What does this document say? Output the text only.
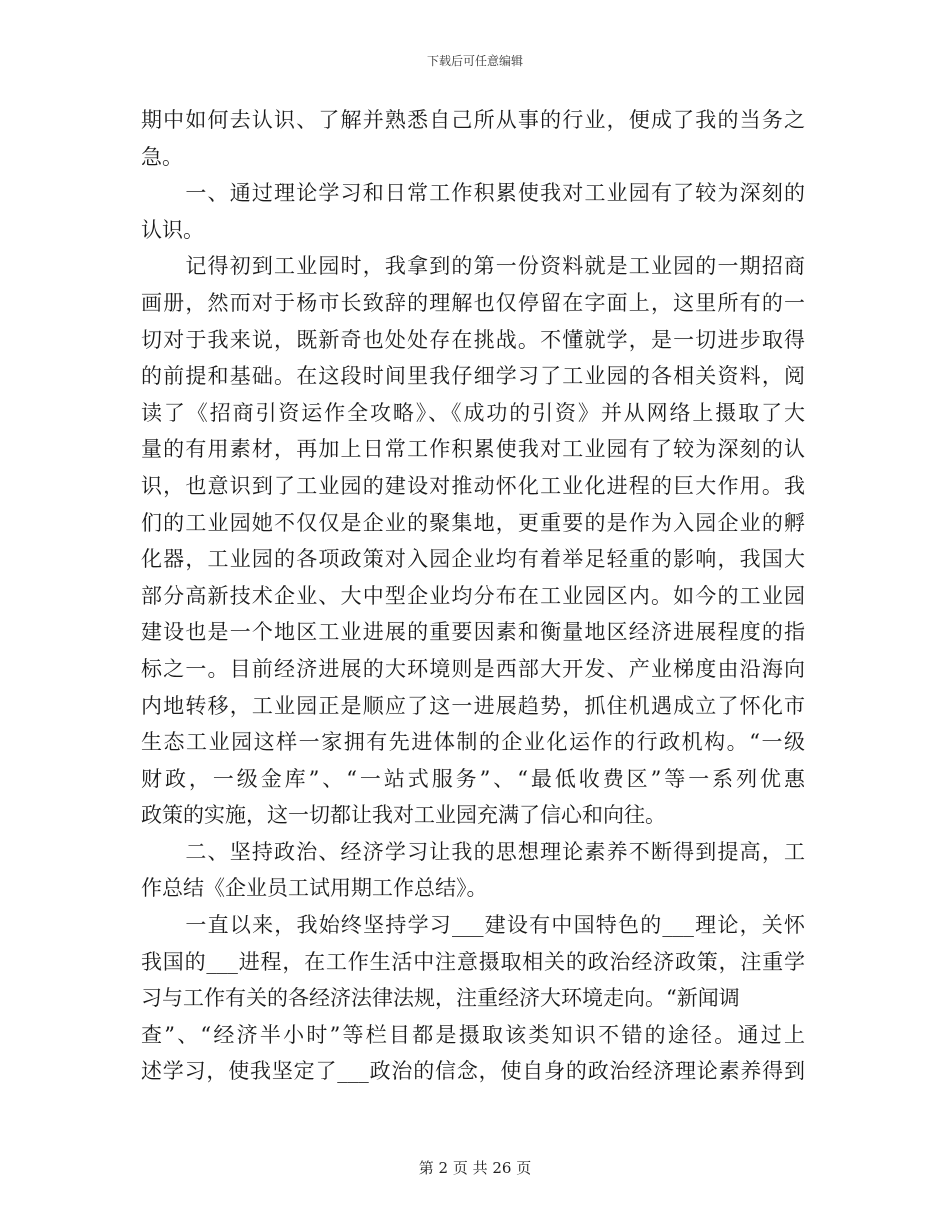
下载后可任意编辑
期中如何去认识、了解并熟悉自己所从事的行业，便成了我的当务之
急。
　　一、通过理论学习和日常工作积累使我对工业园有了较为深刻的
认识。
　　记得初到工业园时，我拿到的第一份资料就是工业园的一期招商
画册，然而对于杨市长致辞的理解也仅停留在字面上，这里所有的一
切对于我来说，既新奇也处处存在挑战。不懂就学，是一切进步取得
的前提和基础。在这段时间里我仔细学习了工业园的各相关资料，阅
读了《招商引资运作全攻略》、《成功的引资》并从网络上摄取了大
量的有用素材，再加上日常工作积累使我对工业园有了较为深刻的认
识，也意识到了工业园的建设对推动怀化工业化进程的巨大作用。我
们的工业园她不仅仅是企业的聚集地，更重要的是作为入园企业的孵
化器，工业园的各项政策对入园企业均有着举足轻重的影响，我国大
部分高新技术企业、大中型企业均分布在工业园区内。如今的工业园
建设也是一个地区工业进展的重要因素和衡量地区经济进展程度的指
标之一。目前经济进展的大环境则是西部大开发、产业梯度由沿海向
内地转移，工业园正是顺应了这一进展趋势，抓住机遇成立了怀化市
生态工业园这样一家拥有先进体制的企业化运作的行政机构。“一级
财政，一级金库”、“一站式服务”、“最低收费区”等一系列优惠
政策的实施，这一切都让我对工业园充满了信心和向往。
　　二、坚持政治、经济学习让我的思想理论素养不断得到提高，工
作总结《企业员工试用期工作总结》。
　　一直以来，我始终坚持学习___建设有中国特色的___理论，关怀
我国的___进程，在工作生活中注意摄取相关的政治经济政策，注重学
习与工作有关的各经济法律法规，注重经济大环境走向。“新闻调
查”、“经济半小时”等栏目都是摄取该类知识不错的途径。通过上
述学习，使我坚定了___政治的信念，使自身的政治经济理论素养得到
第 2 页 共 26 页
